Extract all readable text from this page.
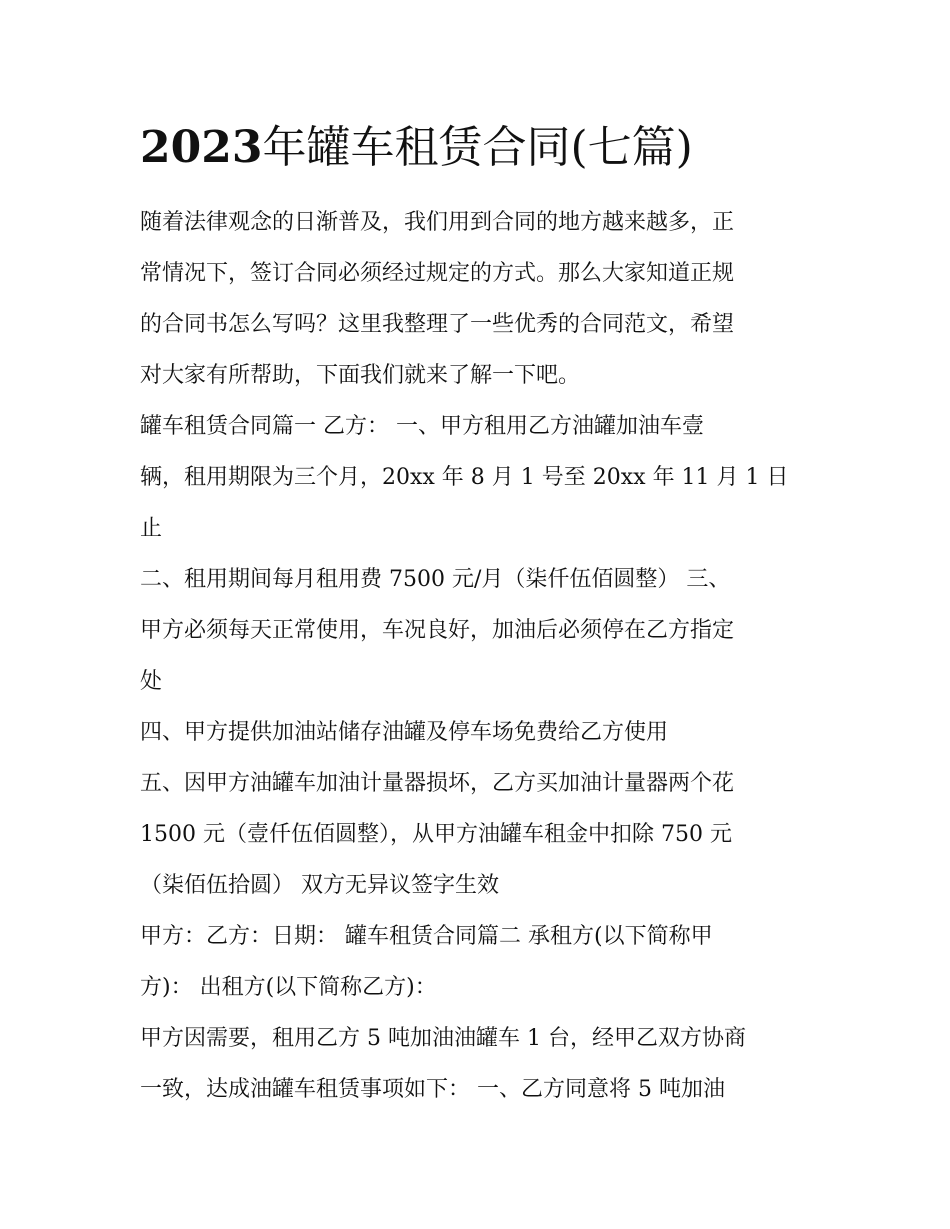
2023年罐车租赁合同(七篇)

随着法律观念的日渐普及，我们用到合同的地方越来越多，正

常情况下，签订合同必须经过规定的方式。那么大家知道正规

的合同书怎么写吗？这里我整理了一些优秀的合同范文，希望

对大家有所帮助，下面我们就来了解一下吧。

罐车租赁合同篇一 乙方： 一、甲方租用乙方油罐加油车壹

辆，租用期限为三个月，20xx 年 8 月 1 号至 20xx 年 11 月 1 日

止

二、租用期间每月租用费 7500 元/月（柒仟伍佰圆整） 三、

甲方必须每天正常使用，车况良好，加油后必须停在乙方指定

处

四、甲方提供加油站储存油罐及停车场免费给乙方使用

五、因甲方油罐车加油计量器损坏，乙方买加油计量器两个花

1500 元（壹仟伍佰圆整），从甲方油罐车租金中扣除 750 元

（柒佰伍拾圆） 双方无异议签字生效

甲方：乙方：日期： 罐车租赁合同篇二 承租方(以下简称甲

方)： 出租方(以下简称乙方)：

甲方因需要，租用乙方 5 吨加油油罐车 1 台，经甲乙双方协商

一致，达成油罐车租赁事项如下： 一、乙方同意将 5 吨加油
